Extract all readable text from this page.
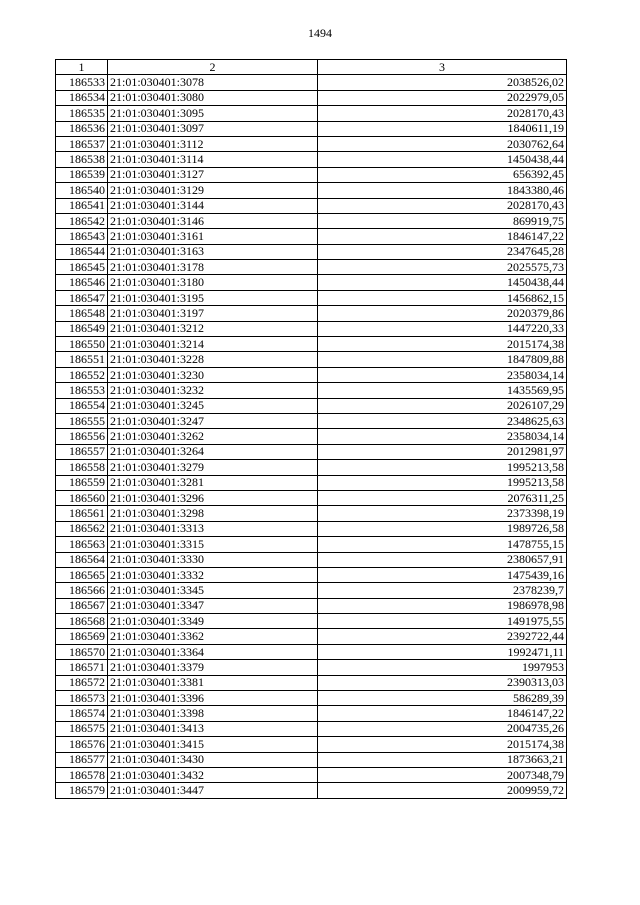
1494
1	2	3
186533	21:01:030401:3078	2038526,02
186534	21:01:030401:3080	2022979,05
186535	21:01:030401:3095	2028170,43
186536	21:01:030401:3097	1840611,19
186537	21:01:030401:3112	2030762,64
186538	21:01:030401:3114	1450438,44
186539	21:01:030401:3127	656392,45
186540	21:01:030401:3129	1843380,46
186541	21:01:030401:3144	2028170,43
186542	21:01:030401:3146	869919,75
186543	21:01:030401:3161	1846147,22
186544	21:01:030401:3163	2347645,28
186545	21:01:030401:3178	2025575,73
186546	21:01:030401:3180	1450438,44
186547	21:01:030401:3195	1456862,15
186548	21:01:030401:3197	2020379,86
186549	21:01:030401:3212	1447220,33
186550	21:01:030401:3214	2015174,38
186551	21:01:030401:3228	1847809,88
186552	21:01:030401:3230	2358034,14
186553	21:01:030401:3232	1435569,95
186554	21:01:030401:3245	2026107,29
186555	21:01:030401:3247	2348625,63
186556	21:01:030401:3262	2358034,14
186557	21:01:030401:3264	2012981,97
186558	21:01:030401:3279	1995213,58
186559	21:01:030401:3281	1995213,58
186560	21:01:030401:3296	2076311,25
186561	21:01:030401:3298	2373398,19
186562	21:01:030401:3313	1989726,58
186563	21:01:030401:3315	1478755,15
186564	21:01:030401:3330	2380657,91
186565	21:01:030401:3332	1475439,16
186566	21:01:030401:3345	2378239,7
186567	21:01:030401:3347	1986978,98
186568	21:01:030401:3349	1491975,55
186569	21:01:030401:3362	2392722,44
186570	21:01:030401:3364	1992471,11
186571	21:01:030401:3379	1997953
186572	21:01:030401:3381	2390313,03
186573	21:01:030401:3396	586289,39
186574	21:01:030401:3398	1846147,22
186575	21:01:030401:3413	2004735,26
186576	21:01:030401:3415	2015174,38
186577	21:01:030401:3430	1873663,21
186578	21:01:030401:3432	2007348,79
186579	21:01:030401:3447	2009959,72
